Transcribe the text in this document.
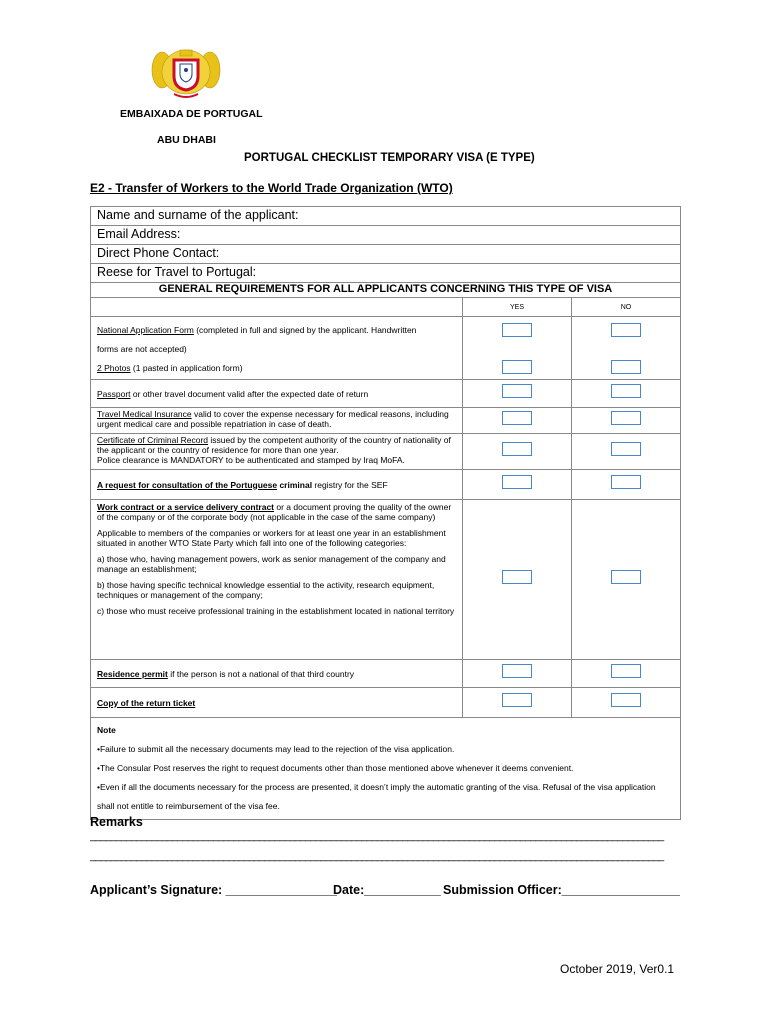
EMBAIXADA DE PORTUGAL
ABU DHABI
PORTUGAL CHECKLIST TEMPORARY VISA (E TYPE)
E2 - Transfer of Workers to the World Trade Organization (WTO)
Name and surname of the applicant:		
Email Address:		
Direct Phone Contact:		
Reese for Travel to Portugal:		
GENERAL REQUIREMENTS FOR ALL APPLICANTS CONCERNING THIS TYPE OF VISA		
	YES	NO
National Application Form (completed in full and signed by the applicant. Handwritten
forms are not accepted)
2 Photos (1 pasted in application form)	

Passport or other travel document valid after the expected date of return		
Travel Medical Insurance valid to cover the expense necessary for medical reasons, including urgent medical care and possible repatriation in case of death.		
Certificate of Criminal Record issued by the competent authority of the country of nationality of the applicant or the country of residence for more than one year.
Police clearance is MANDATORY to be authenticated and stamped by Iraq MoFA.		
A request for consultation of the Portuguese criminal registry for the SEF		

Work contract or a service delivery contract or a document proving the quality of the owner of the company or of the corporate body (not applicable in the case of the same company)

Applicable to members of the companies or workers for at least one year in an establishment situated in another WTO State Party which fall into one of the following categories:

a) those who, having management powers, work as senior management of the company and manage an establishment;

b) those having specific technical knowledge essential to the activity, research equipment, techniques or management of the company;

c) those who must receive professional training in the establishment located in national territory		

Residence permit if the person is not a national of that third country		
Copy of the return ticket		

Note
•Failure to submit all the necessary documents may lead to the rejection of the visa application.
•The Consular Post reserves the right to request documents other than those mentioned above whenever it deems convenient.
•Even if all the documents necessary for the process are presented, it doesn’t imply the automatic granting of the visa. Refusal of the visa application shall not entitle to reimbursement of the visa fee.		
Remarks
________________________________________________________________________________________________________________
________________________________________________________________________________________________________________
Applicant’s Signature: ________________
Date:___________ Submission Officer:_________________
October 2019, Ver0.1
